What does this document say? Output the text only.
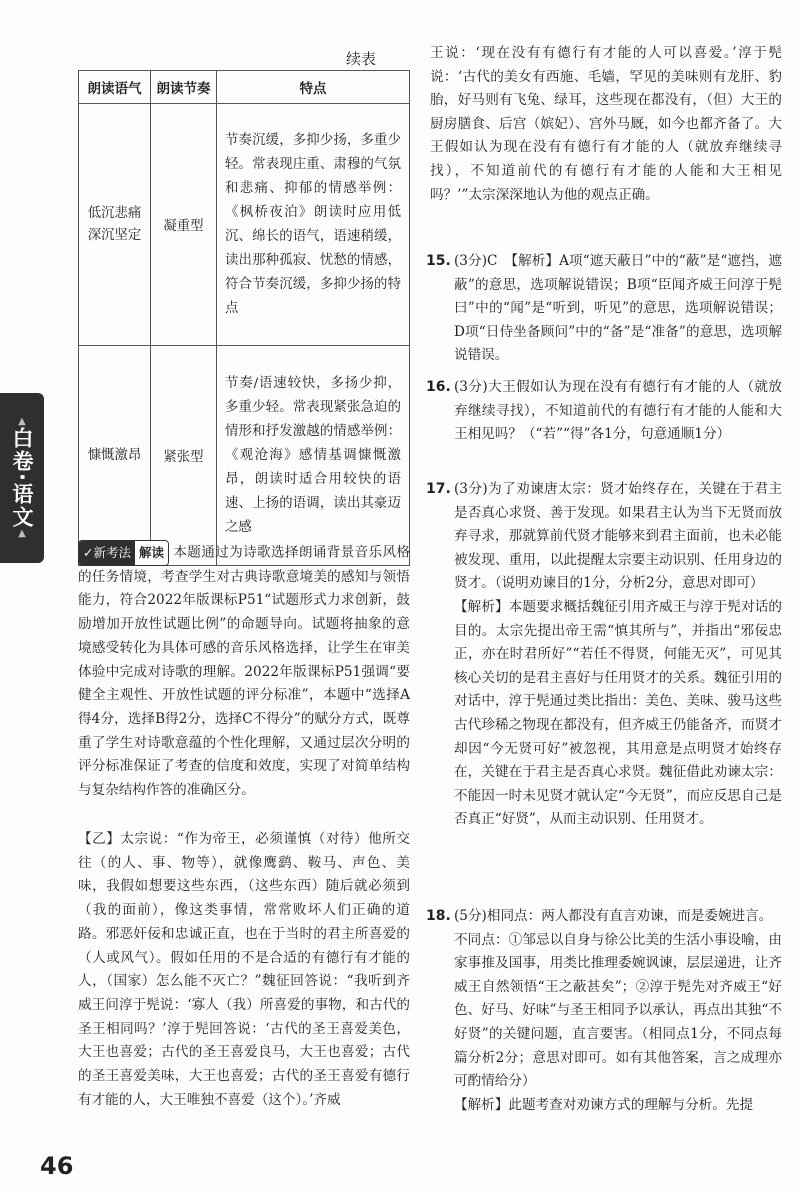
▲
白卷·语文
▲
续表
朗读语气	朗读节奏	特点
低沉悲痛深沉坚定	凝重型	节奏沉缓，多抑少扬，多重少轻。常表现庄重、肃穆的气氛和悲痛、抑郁的情感举例：《枫桥夜泊》朗读时应用低沉、绵长的语气，语速稍缓，读出那种孤寂、忧愁的情感，符合节奏沉缓，多抑少扬的特点
慷慨激昂	紧张型	节奏/语速较快，多扬少抑，多重少轻。常表现紧张急迫的情形和抒发激越的情感举例：《观沧海》感情基调慷慨激昂，朗读时适合用较快的语速、上扬的语调，读出其豪迈之感
✓ 新考法 解读 本题通过为诗歌选择朗诵背景音乐风格的任务情境，考查学生对古典诗歌意境美的感知与领悟能力，符合2022年版课标P51“试题形式力求创新，鼓励增加开放性试题比例”的命题导向。试题将抽象的意境感受转化为具体可感的音乐风格选择，让学生在审美体验中完成对诗歌的理解。2022年版课标P51强调“要健全主观性、开放性试题的评分标准”，本题中“选择A得4分，选择B得2分，选择C不得分”的赋分方式，既尊重了学生对诗歌意蕴的个性化理解，又通过层次分明的评分标准保证了考查的信度和效度，实现了对简单结构与复杂结构作答的准确区分。
【乙】太宗说：“作为帝王，必须谨慎（对待）他所交往（的人、事、物等），就像鹰鹞、鞍马、声色、美味，我假如想要这些东西，（这些东西）随后就必须到（我的面前），像这类事情，常常败坏人们正确的道路。邪恶奸佞和忠诚正直，也在于当时的君主所喜爱的（人或风气）。假如任用的不是合适的有德行有才能的人，（国家）怎么能不灭亡？”魏征回答说：“我听到齐威王问淳于髡说：‘寡人（我）所喜爱的事物，和古代的圣王相同吗？’淳于髡回答说：‘古代的圣王喜爱美色，大王也喜爱；古代的圣王喜爱良马，大王也喜爱；古代的圣王喜爱美味，大王也喜爱；古代的圣王喜爱有德行有才能的人，大王唯独不喜爱（这个）。’齐威
王说：‘现在没有有德行有才能的人可以喜爱。’淳于髡说：‘古代的美女有西施、毛嫱，罕见的美味则有龙肝、豹胎，好马则有飞兔、绿耳，这些现在都没有，（但）大王的厨房膳食、后宫（嫔妃）、宫外马厩，如今也都齐备了。大王假如认为现在没有有德行有才能的人（就放弃继续寻找），不知道前代的有德行有才能的人能和大王相见吗？’”太宗深深地认为他的观点正确。
15. (3分)C　【解析】A项“遮天蔽日”中的“蔽”是“遮挡，遮蔽”的意思，选项解说错误；B项“臣闻齐威王问淳于髡曰”中的“闻”是“听到，听见”的意思，选项解说错误；D项“日侍坐备顾问”中的“备”是“准备”的意思，选项解说错误。
16. (3分)大王假如认为现在没有有德行有才能的人（就放弃继续寻找），不知道前代的有德行有才能的人能和大王相见吗？（“若”“得”各1分，句意通顺1分）
17. (3分)为了劝谏唐太宗：贤才始终存在，关键在于君主是否真心求贤、善于发现。如果君主认为当下无贤而放弃寻求，那就算前代贤才能够来到君主面前，也未必能被发现、重用，以此提醒太宗要主动识别、任用身边的贤才。（说明劝谏目的1分，分析2分，意思对即可）
【解析】本题要求概括魏征引用齐威王与淳于髡对话的目的。太宗先提出帝王需“慎其所与”，并指出“邪佞忠正，亦在时君所好”“若任不得贤，何能无灭”，可见其核心关切的是君主喜好与任用贤才的关系。魏征引用的对话中，淳于髡通过类比指出：美色、美味、骏马这些古代珍稀之物现在都没有，但齐威王仍能备齐，而贤才却因“今无贤可好”被忽视，其用意是点明贤才始终存在，关键在于君主是否真心求贤。魏征借此劝谏太宗：不能因一时未见贤才就认定“今无贤”，而应反思自己是否真正“好贤”，从而主动识别、任用贤才。
18. (5分)相同点：两人都没有直言劝谏，而是委婉进言。
不同点：①邹忌以自身与徐公比美的生活小事设喻，由家事推及国事，用类比推理委婉讽谏，层层递进，让齐威王自然领悟“王之蔽甚矣”；②淳于髡先对齐威王“好色、好马、好味”与圣王相同予以承认，再点出其独“不好贤”的关键问题，直言要害。（相同点1分，不同点每篇分析2分；意思对即可。如有其他答案，言之成理亦可酌情给分）
【解析】此题考查对劝谏方式的理解与分析。先提
46
